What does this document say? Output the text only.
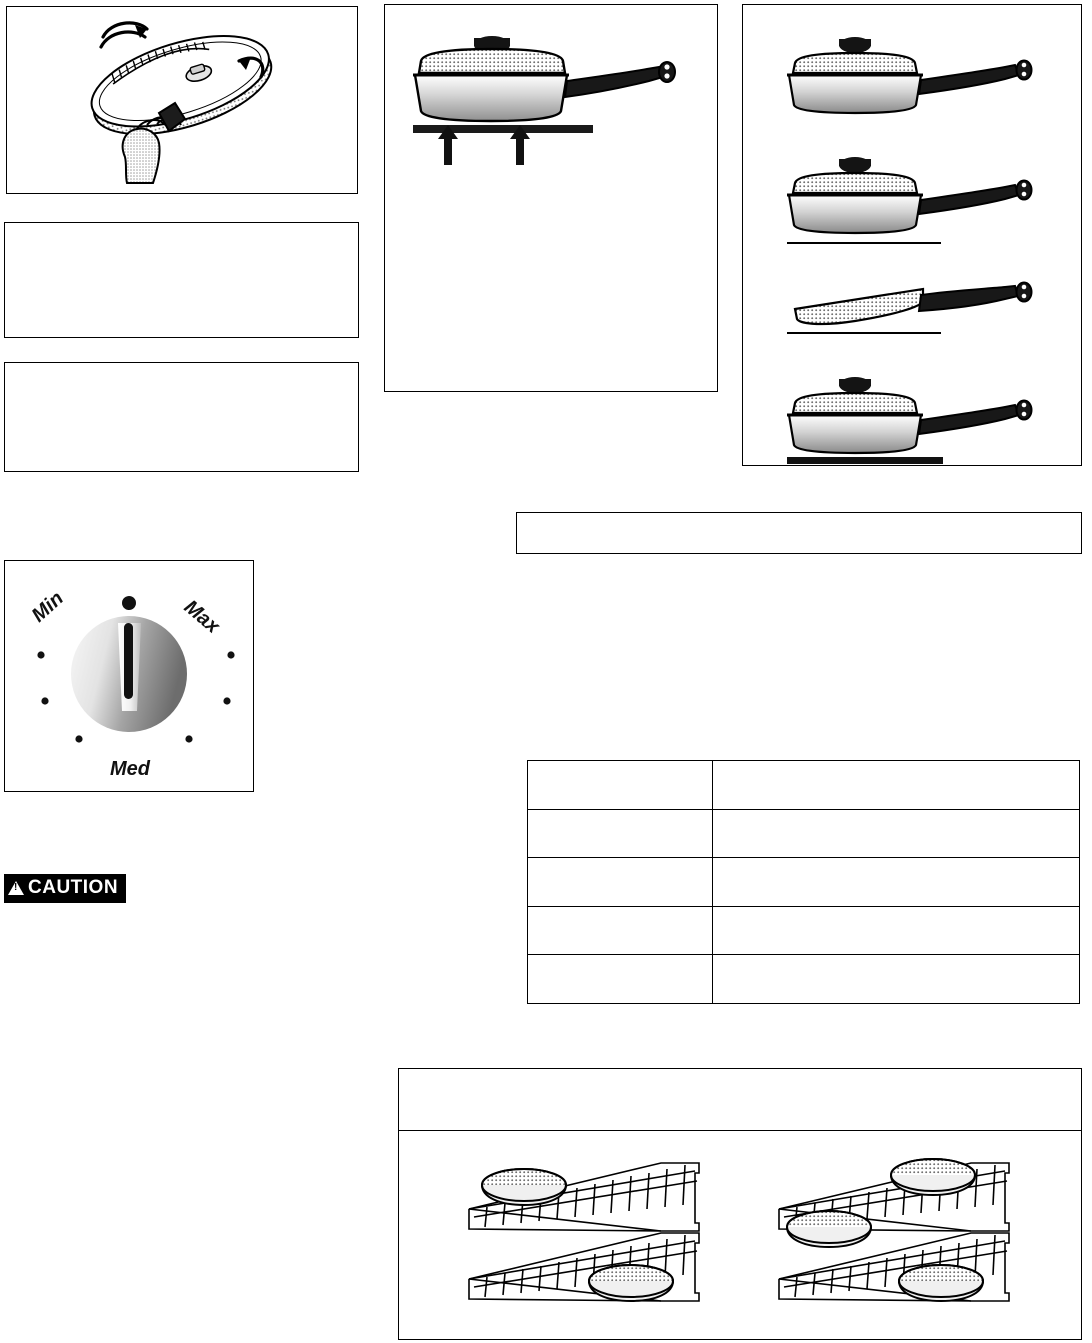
Min	Max
Med
!
CAUTION
